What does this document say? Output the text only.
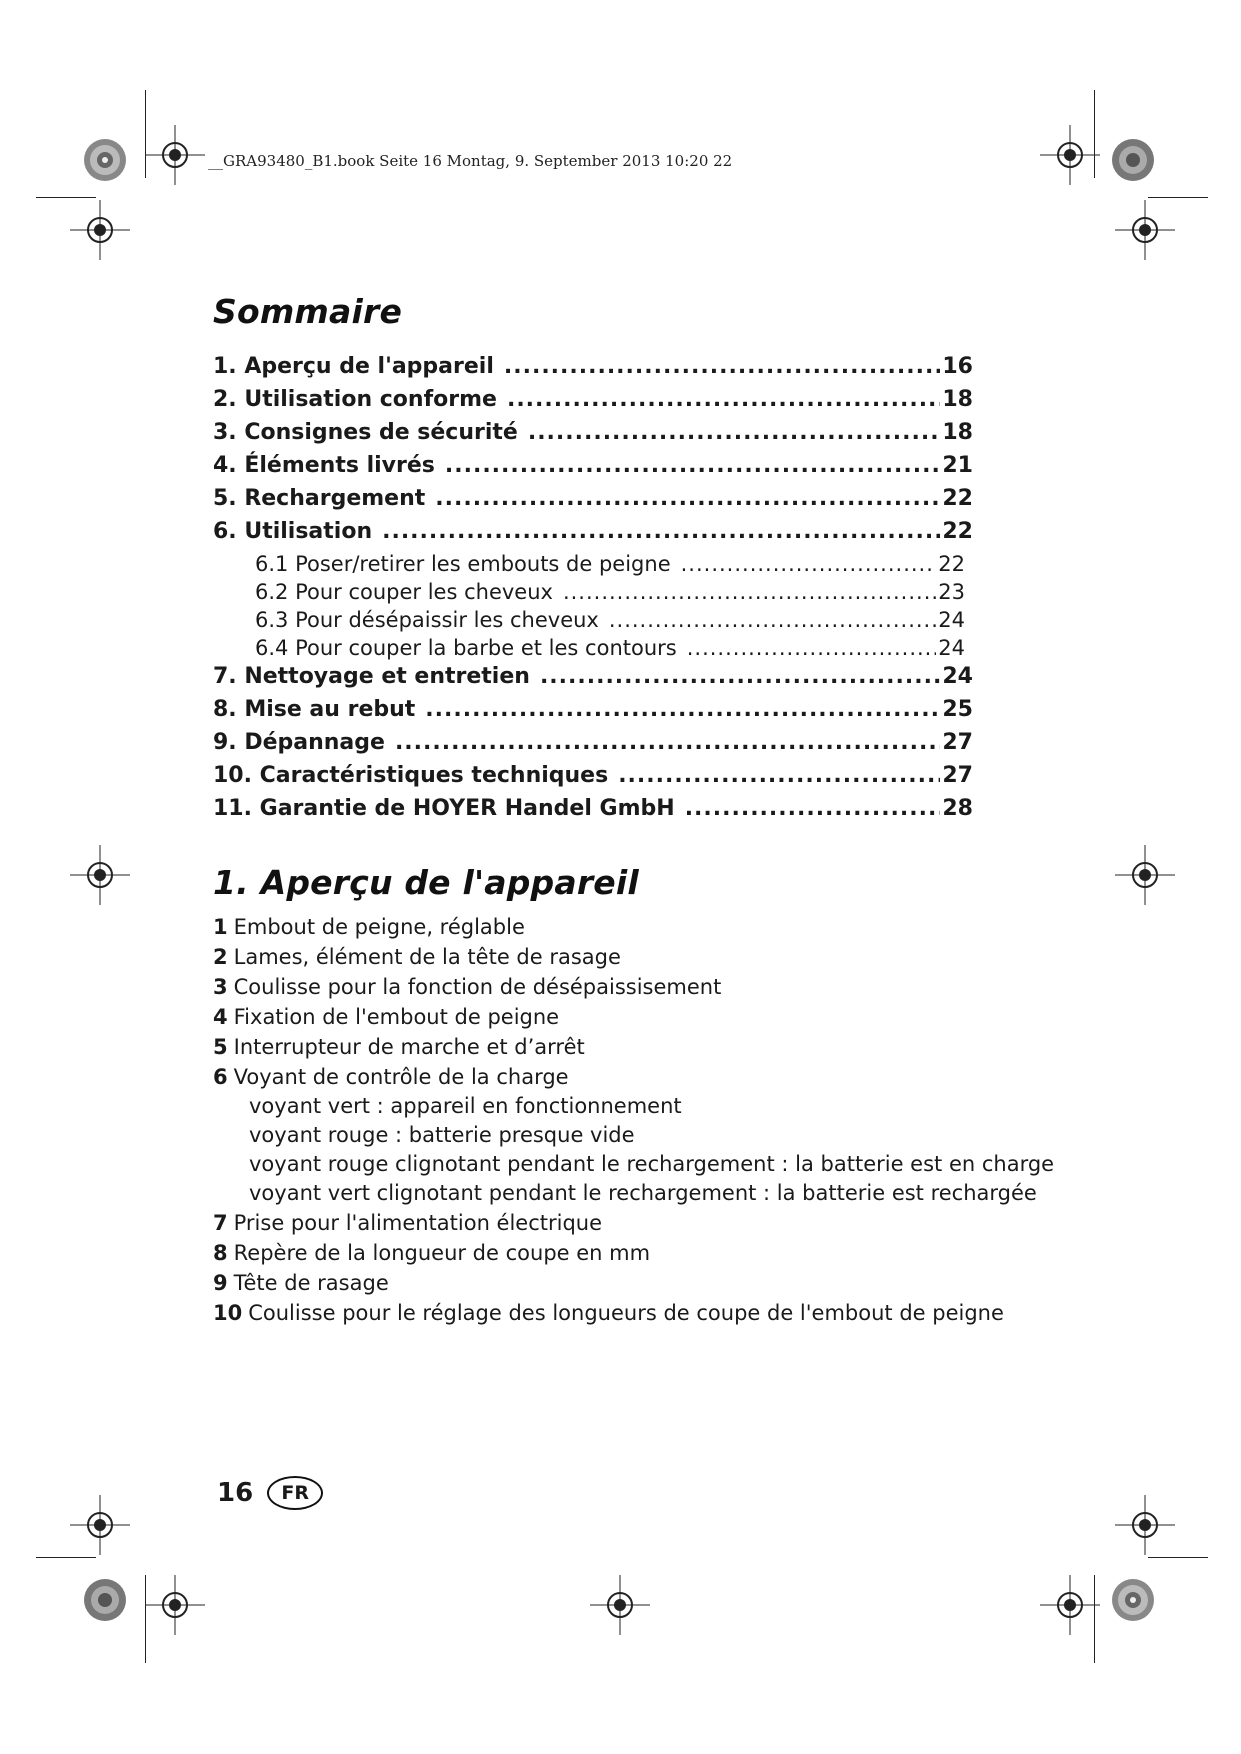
__GRA93480_B1.book Seite 16 Montag, 9. September 2013 10:20 22
Sommaire
1. Aperçu de l'appareil .....	16
2. Utilisation conforme .....	18
3. Consignes de sécurité .....	18
4. Éléments livrés .....	21
5. Rechargement .....	22
6. Utilisation .....	22
6.1 Poser/retirer les embouts de peigne .....	22
6.2 Pour couper les cheveux .....	23
6.3 Pour désépaissir les cheveux .....	24
6.4 Pour couper la barbe et les contours .....	24
7. Nettoyage et entretien .....	24
8. Mise au rebut .....	25
9. Dépannage .....	27
10. Caractéristiques techniques .....	27
11. Garantie de HOYER Handel GmbH .....	28
1. Aperçu de l'appareil
1 Embout de peigne, réglable
2 Lames, élément de la tête de rasage
3 Coulisse pour la fonction de désépaissisement
4 Fixation de l'embout de peigne
5 Interrupteur de marche et d’arrêt
6 Voyant de contrôle de la charge
voyant vert : appareil en fonctionnement
voyant rouge : batterie presque vide
voyant rouge clignotant pendant le rechargement : la batterie est en charge
voyant vert clignotant pendant le rechargement : la batterie est rechargée
7 Prise pour l'alimentation électrique
8 Repère de la longueur de coupe en mm
9 Tête de rasage
10 Coulisse pour le réglage des longueurs de coupe de l'embout de peigne
16	FR
